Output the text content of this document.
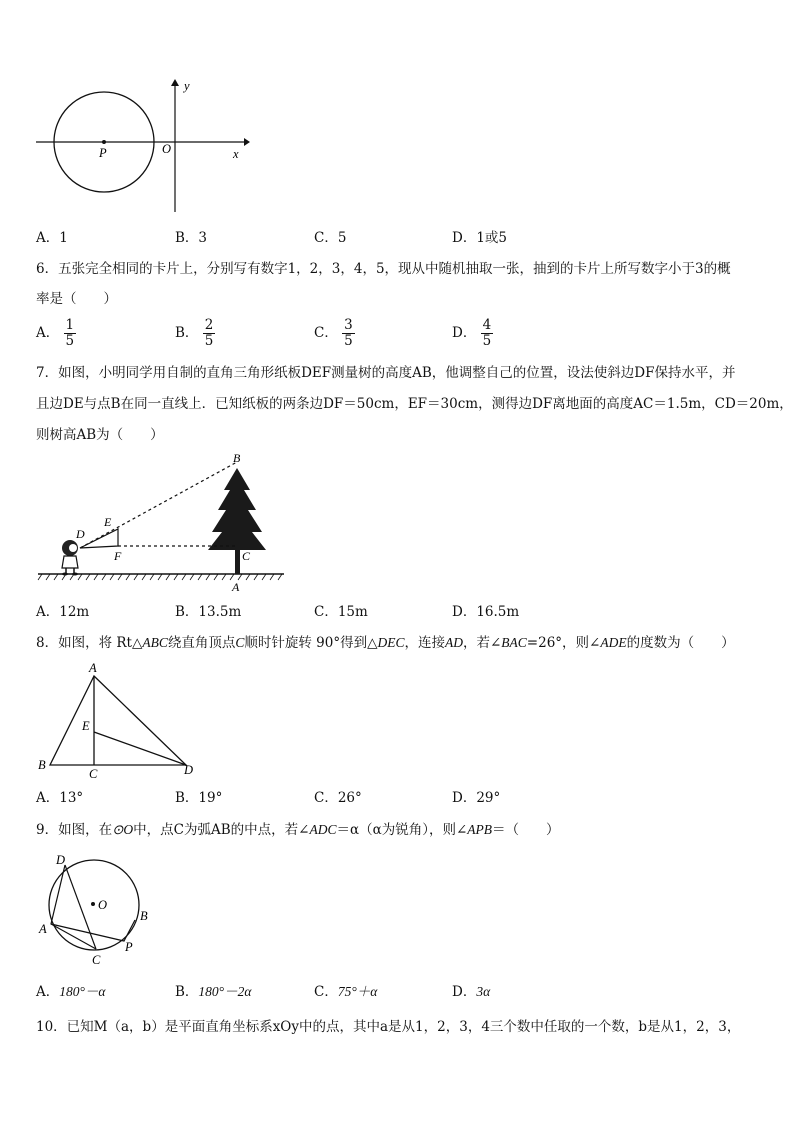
y
x
P	O
A．1	B．3	C．5	D．1或5
6．五张完全相同的卡片上，分别写有数字1，2，3，4，5，现从中随机抽取一张，抽到的卡片上所写数字小于3的概
率是（　　）
A． $\frac{1}{5}$	B． $\frac{2}{5}$	C． $\frac{3}{5}$	D． $\frac{4}{5}$
7．如图，小明同学用自制的直角三角形纸板DEF测量树的高度AB，他调整自己的位置，设法使斜边DF保持水平，并
且边DE与点B在同一直线上．已知纸板的两条边DF＝50cm，EF＝30cm，测得边DF离地面的高度AC＝1.5m，CD＝20m，
则树高AB为（　　）
B
D
E
F	C
A
A．12m	B．13.5m	C．15m	D．16.5m
8．如图，将 Rt△ABC绕直角顶点C顺时针旋转 90°得到△DEC，连接AD，若∠BAC=26°，则∠ADE的度数为（　　）
A
E
B
C	D
A．13°	B．19°	C．26°	D．29°
9．如图，在⊙O中，点C为弧AB的中点，若∠ADC＝α（α为锐角），则∠APB＝（　　）
D
O
B
A
P
C
A．180°－α	B．180°－2α	C．75°＋α	D．3α
10．已知M（a，b）是平面直角坐标系xOy中的点，其中a是从1，2，3，4三个数中任取的一个数，b是从1，2，3，
